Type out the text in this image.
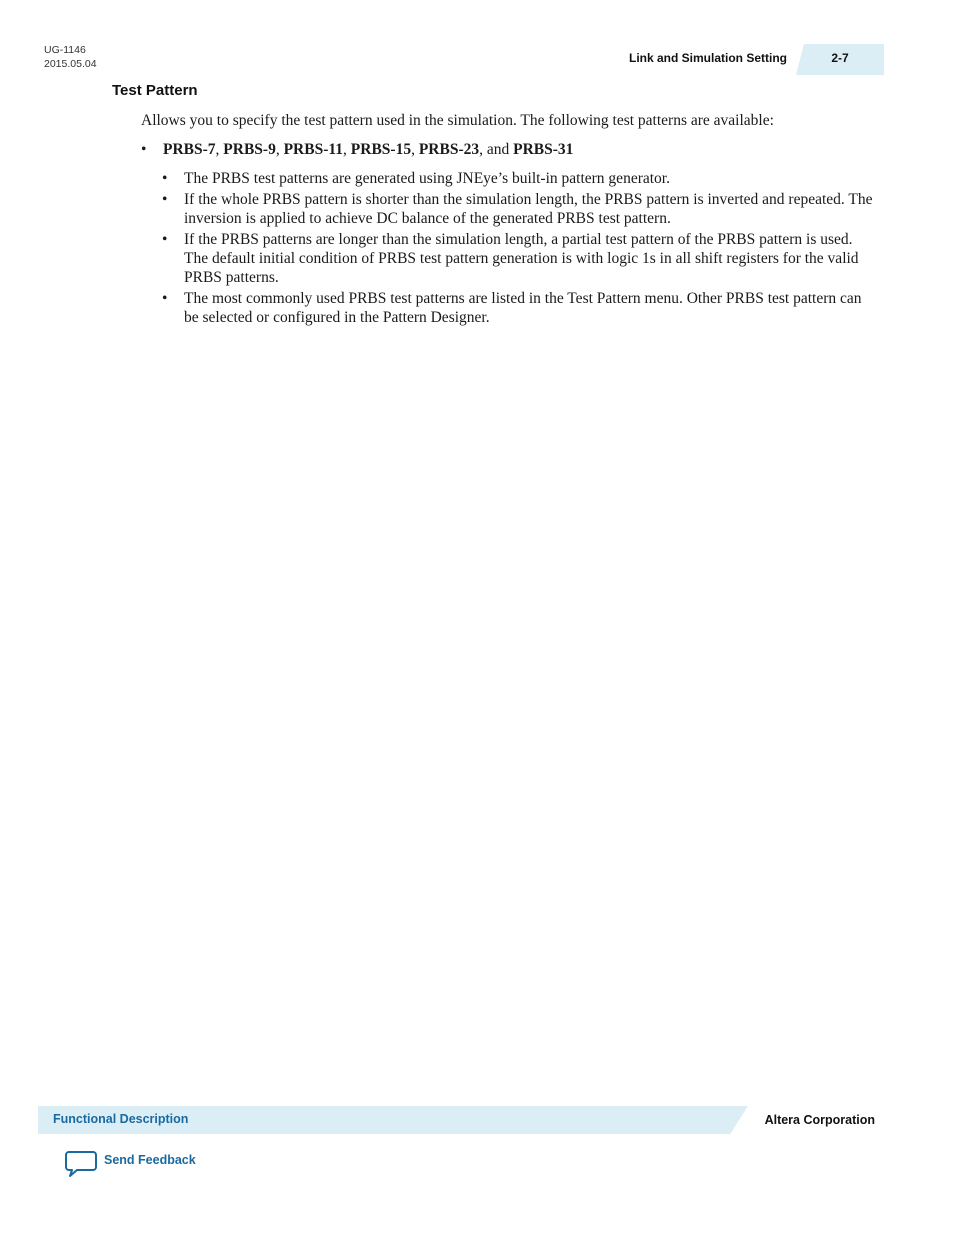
UG-1146
2015.05.04	Link and Simulation Setting	2-7
Test Pattern
Allows you to specify the test pattern used in the simulation. The following test patterns are available:
• PRBS-7, PRBS-9, PRBS-11, PRBS-15, PRBS-23, and PRBS-31
• The PRBS test patterns are generated using JNEye’s built-in pattern generator.
• If the whole PRBS pattern is shorter than the simulation length, the PRBS pattern is inverted and repeated. The inversion is applied to achieve DC balance of the generated PRBS test pattern.
• If the PRBS patterns are longer than the simulation length, a partial test pattern of the PRBS pattern is used. The default initial condition of PRBS test pattern generation is with logic 1s in all shift registers for the valid PRBS patterns.
• The most commonly used PRBS test patterns are listed in the Test Pattern menu. Other PRBS test pattern can be selected or configured in the Pattern Designer.
Functional Description	Altera Corporation
Send Feedback
